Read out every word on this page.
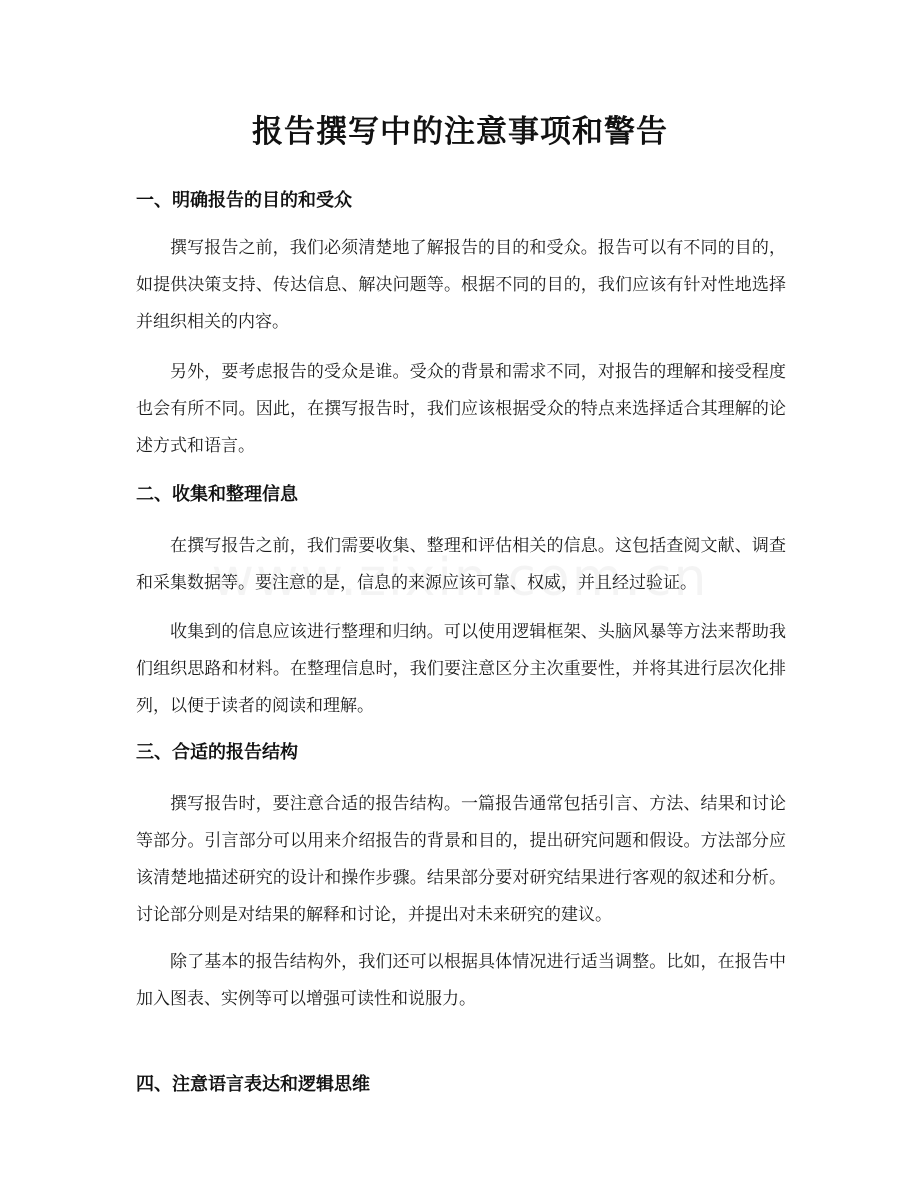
报告撰写中的注意事项和警告
一、明确报告的目的和受众

撰写报告之前，我们必须清楚地了解报告的目的和受众。报告可以有不同的目的，如提供决策支持、传达信息、解决问题等。根据不同的目的，我们应该有针对性地选择并组织相关的内容。

另外，要考虑报告的受众是谁。受众的背景和需求不同，对报告的理解和接受程度也会有所不同。因此，在撰写报告时，我们应该根据受众的特点来选择适合其理解的论述方式和语言。

二、收集和整理信息

在撰写报告之前，我们需要收集、整理和评估相关的信息。这包括查阅文献、调查和采集数据等。要注意的是，信息的来源应该可靠、权威，并且经过验证。

收集到的信息应该进行整理和归纳。可以使用逻辑框架、头脑风暴等方法来帮助我们组织思路和材料。在整理信息时，我们要注意区分主次重要性，并将其进行层次化排列，以便于读者的阅读和理解。

三、合适的报告结构

撰写报告时，要注意合适的报告结构。一篇报告通常包括引言、方法、结果和讨论等部分。引言部分可以用来介绍报告的背景和目的，提出研究问题和假设。方法部分应该清楚地描述研究的设计和操作步骤。结果部分要对研究结果进行客观的叙述和分析。讨论部分则是对结果的解释和讨论，并提出对未来研究的建议。

除了基本的报告结构外，我们还可以根据具体情况进行适当调整。比如，在报告中加入图表、实例等可以增强可读性和说服力。

四、注意语言表达和逻辑思维
